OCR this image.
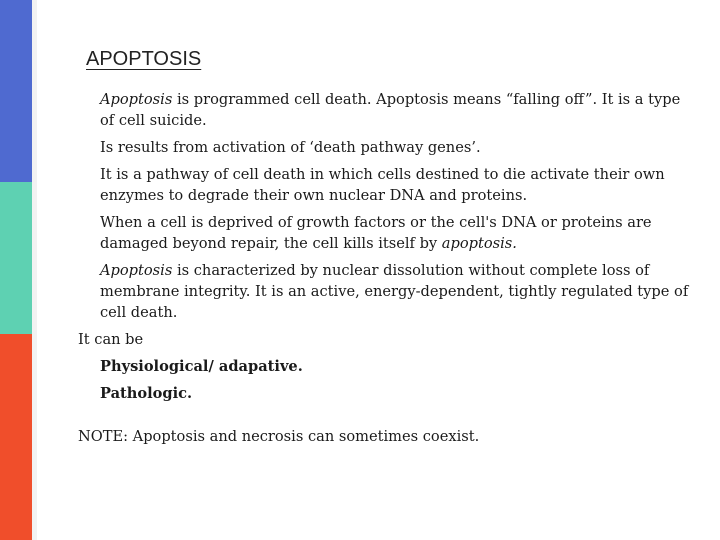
APOPTOSIS
Apoptosis is programmed cell death. Apoptosis means “falling off”. It is a type of cell suicide.
Is results from activation of ‘death pathway genes’.
It is a pathway of cell death in which cells destined to die activate their own enzymes to degrade their own nuclear DNA and proteins.
When a cell is deprived of growth factors or the cell's DNA or proteins are damaged beyond repair, the cell kills itself by apoptosis.
Apoptosis is characterized by nuclear dissolution without complete loss of membrane integrity. It is an active, energy-dependent, tightly regulated type of cell death.
It can be
Physiological/ adapative.
Pathologic.
NOTE: Apoptosis and necrosis can sometimes coexist.
